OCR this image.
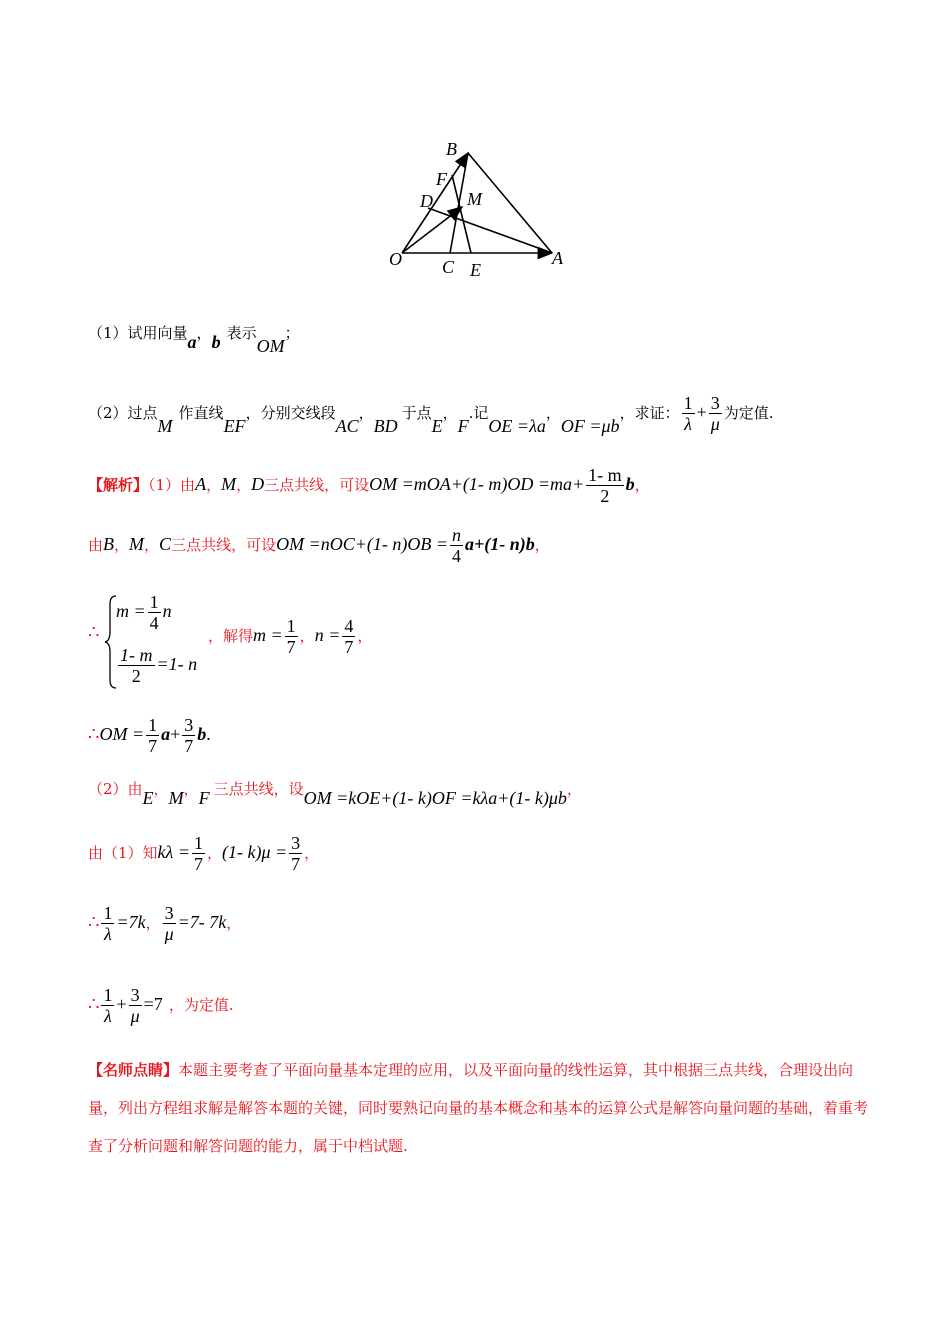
B
F
D M
O C E
A
（1）试用向量a，b 表示OM；
（2）过点M作直线EF，分别交线段AC，BD于点E，F.记OE =λa，OF =μb，求证： $\frac{1}{\lambda} + \frac{3}{\mu}$ 为定值.
【解析】（1）由A，M，D三点共线，可设OM =mOA+(1- $m)OD =ma+ \frac{1- m}{2}$ b，
由B，M，C三点共线，可设OM =nOC+(1- $n)OB = \frac{n}{4} a+(1-$ n)b，
∴
$m = \frac{1}{4}$ n
$\frac{1- m}{2} =1-$ n
，解得$m = \frac{1}{7}$ ，$n = \frac{4}{7}$ ，
∴OM = $\frac{1}{7} a+ \frac{3}{7} b$.
（2）由E，M，F 三点共线，设OM =kOE+(1- k)OF =kλa+(1- k)μb，
由（1）知$k\lambda = \frac{1}{7}$ ，(1- $k)\mu = \frac{3}{7}$ ，
∴ $\frac{1}{\lambda} =7k$， $\frac{3}{\mu} =7-$ 7k，
∴ $\frac{1}{\lambda} + \frac{3}{\mu} =7$ ，为定值.
【名师点睛】本题主要考查了平面向量基本定理的应用，以及平面向量的线性运算，其中根据三点共线，合理设出向量，列出方程组求解是解答本题的关键，同时要熟记向量的基本概念和基本的运算公式是解答向量问题的基础，着重考查了分析问题和解答问题的能力，属于中档试题.
